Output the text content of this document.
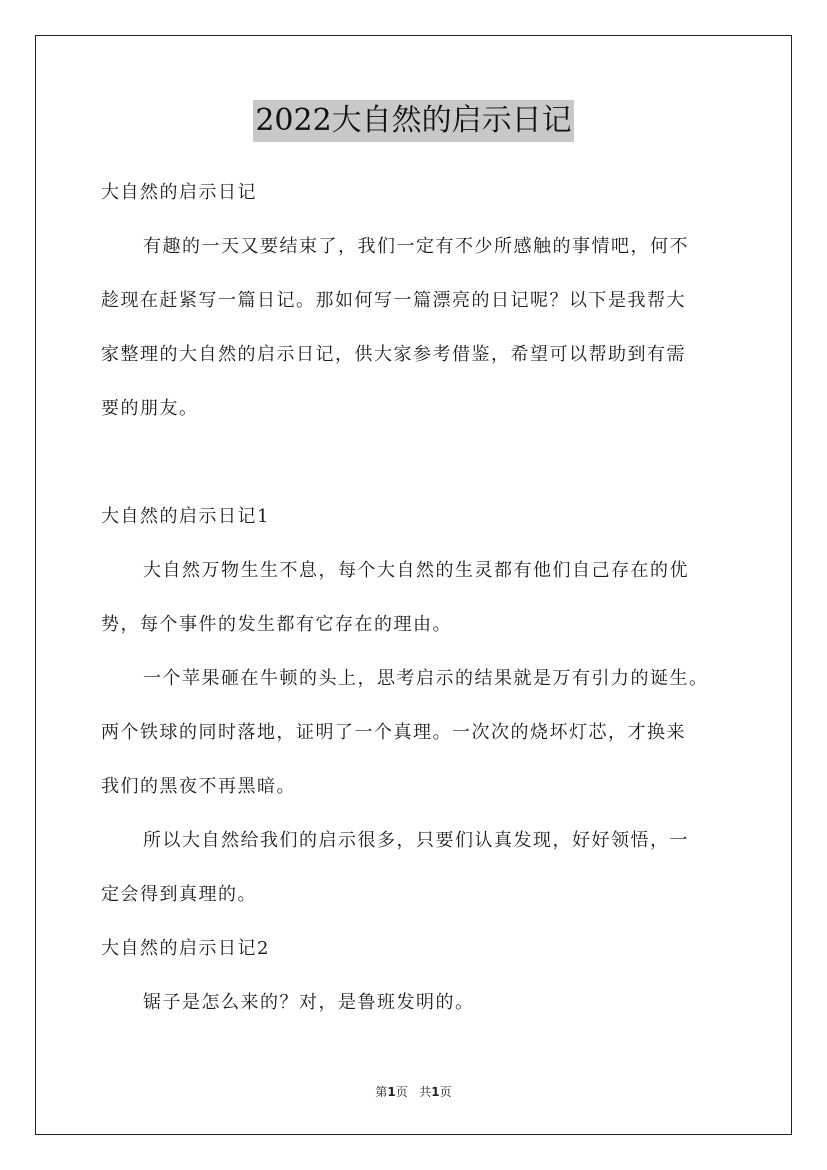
2022大自然的启示日记
大自然的启示日记
有趣的一天又要结束了，我们一定有不少所感触的事情吧，何不
趁现在赶紧写一篇日记。那如何写一篇漂亮的日记呢？以下是我帮大
家整理的大自然的启示日记，供大家参考借鉴，希望可以帮助到有需
要的朋友。
大自然的启示日记1
大自然万物生生不息，每个大自然的生灵都有他们自己存在的优
势，每个事件的发生都有它存在的理由。
一个苹果砸在牛顿的头上，思考启示的结果就是万有引力的诞生。
两个铁球的同时落地，证明了一个真理。一次次的烧坏灯芯，才换来
我们的黑夜不再黑暗。
所以大自然给我们的启示很多，只要们认真发现，好好领悟，一
定会得到真理的。
大自然的启示日记2
锯子是怎么来的？对，是鲁班发明的。
第1页 共1页
